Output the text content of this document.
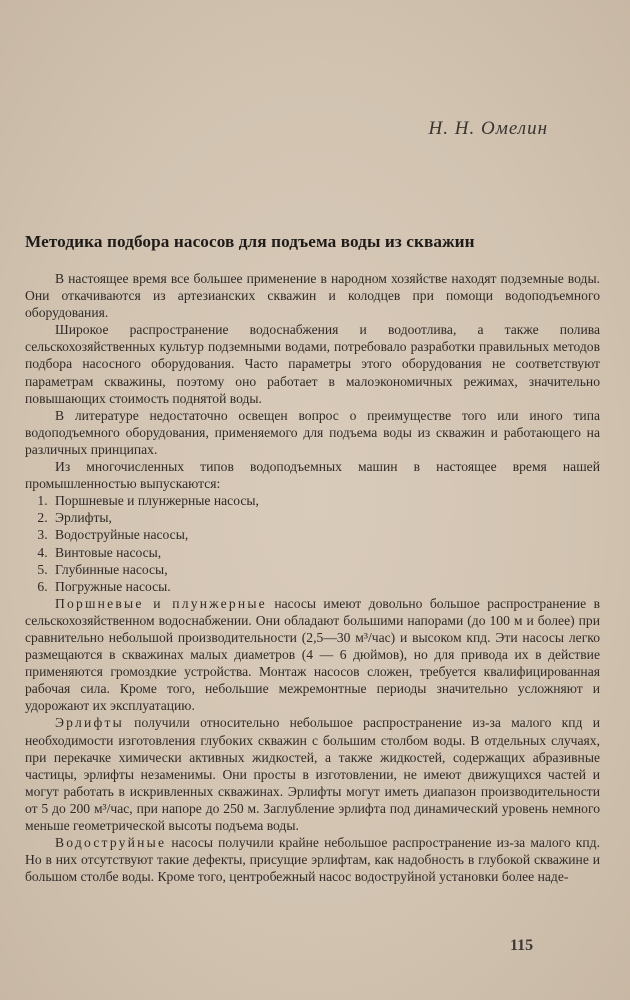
Н. Н. Омелин
Методика подбора насосов для подъема воды из скважин

В настоящее время все большее применение в народном хозяйстве находят подземные воды. Они откачиваются из артезианских скважин и колодцев при помощи водоподъемного оборудования.

Широкое распространение водоснабжения и водоотлива, а также полива сельскохозяйственных культур подземными водами, потребовало разработки правильных методов подбора насосного оборудования. Часто параметры этого оборудования не соответствуют параметрам скважины, поэтому оно работает в малоэкономичных режимах, значительно повышающих стоимость поднятой воды.

В литературе недостаточно освещен вопрос о преимуществе того или иного типа водоподъемного оборудования, применяемого для подъема воды из скважин и работающего на различных принципах.

Из многочисленных типов водоподъемных машин в настоящее время нашей промышленностью выпускаются:

1. Поршневые и плунжерные насосы,
2. Эрлифты,
3. Водоструйные насосы,
4. Винтовые насосы,
5. Глубинные насосы,
6. Погружные насосы.

Поршневые и плунжерные насосы имеют довольно большое распространение в сельскохозяйственном водоснабжении. Они обладают большими напорами (до 100 м и более) при сравнительно небольшой производительности (2,5—30 м³/час) и высоком кпд. Эти насосы легко размещаются в скважинах малых диаметров (4 — 6 дюймов), но для привода их в действие применяются громоздкие устройства. Монтаж насосов сложен, требуется квалифицированная рабочая сила. Кроме того, небольшие межремонтные периоды значительно усложняют и удорожают их эксплуатацию.

Эрлифты получили относительно небольшое распространение из-за малого кпд и необходимости изготовления глубоких скважин с большим столбом воды. В отдельных случаях, при перекачке химически активных жидкостей, а также жидкостей, содержащих абразивные частицы, эрлифты незаменимы. Они просты в изготовлении, не имеют движущихся частей и могут работать в искривленных скважинах. Эрлифты могут иметь диапазон производительности от 5 до 200 м³/час, при напоре до 250 м. Заглубление эрлифта под динамический уровень немного меньше геометрической высоты подъема воды.

Водоструйные насосы получили крайне небольшое распространение из-за малого кпд. Но в них отсутствуют такие дефекты, присущие эрлифтам, как надобность в глубокой скважине и большом столбе воды. Кроме того, центробежный насос водоструйной установки более наде-

115
